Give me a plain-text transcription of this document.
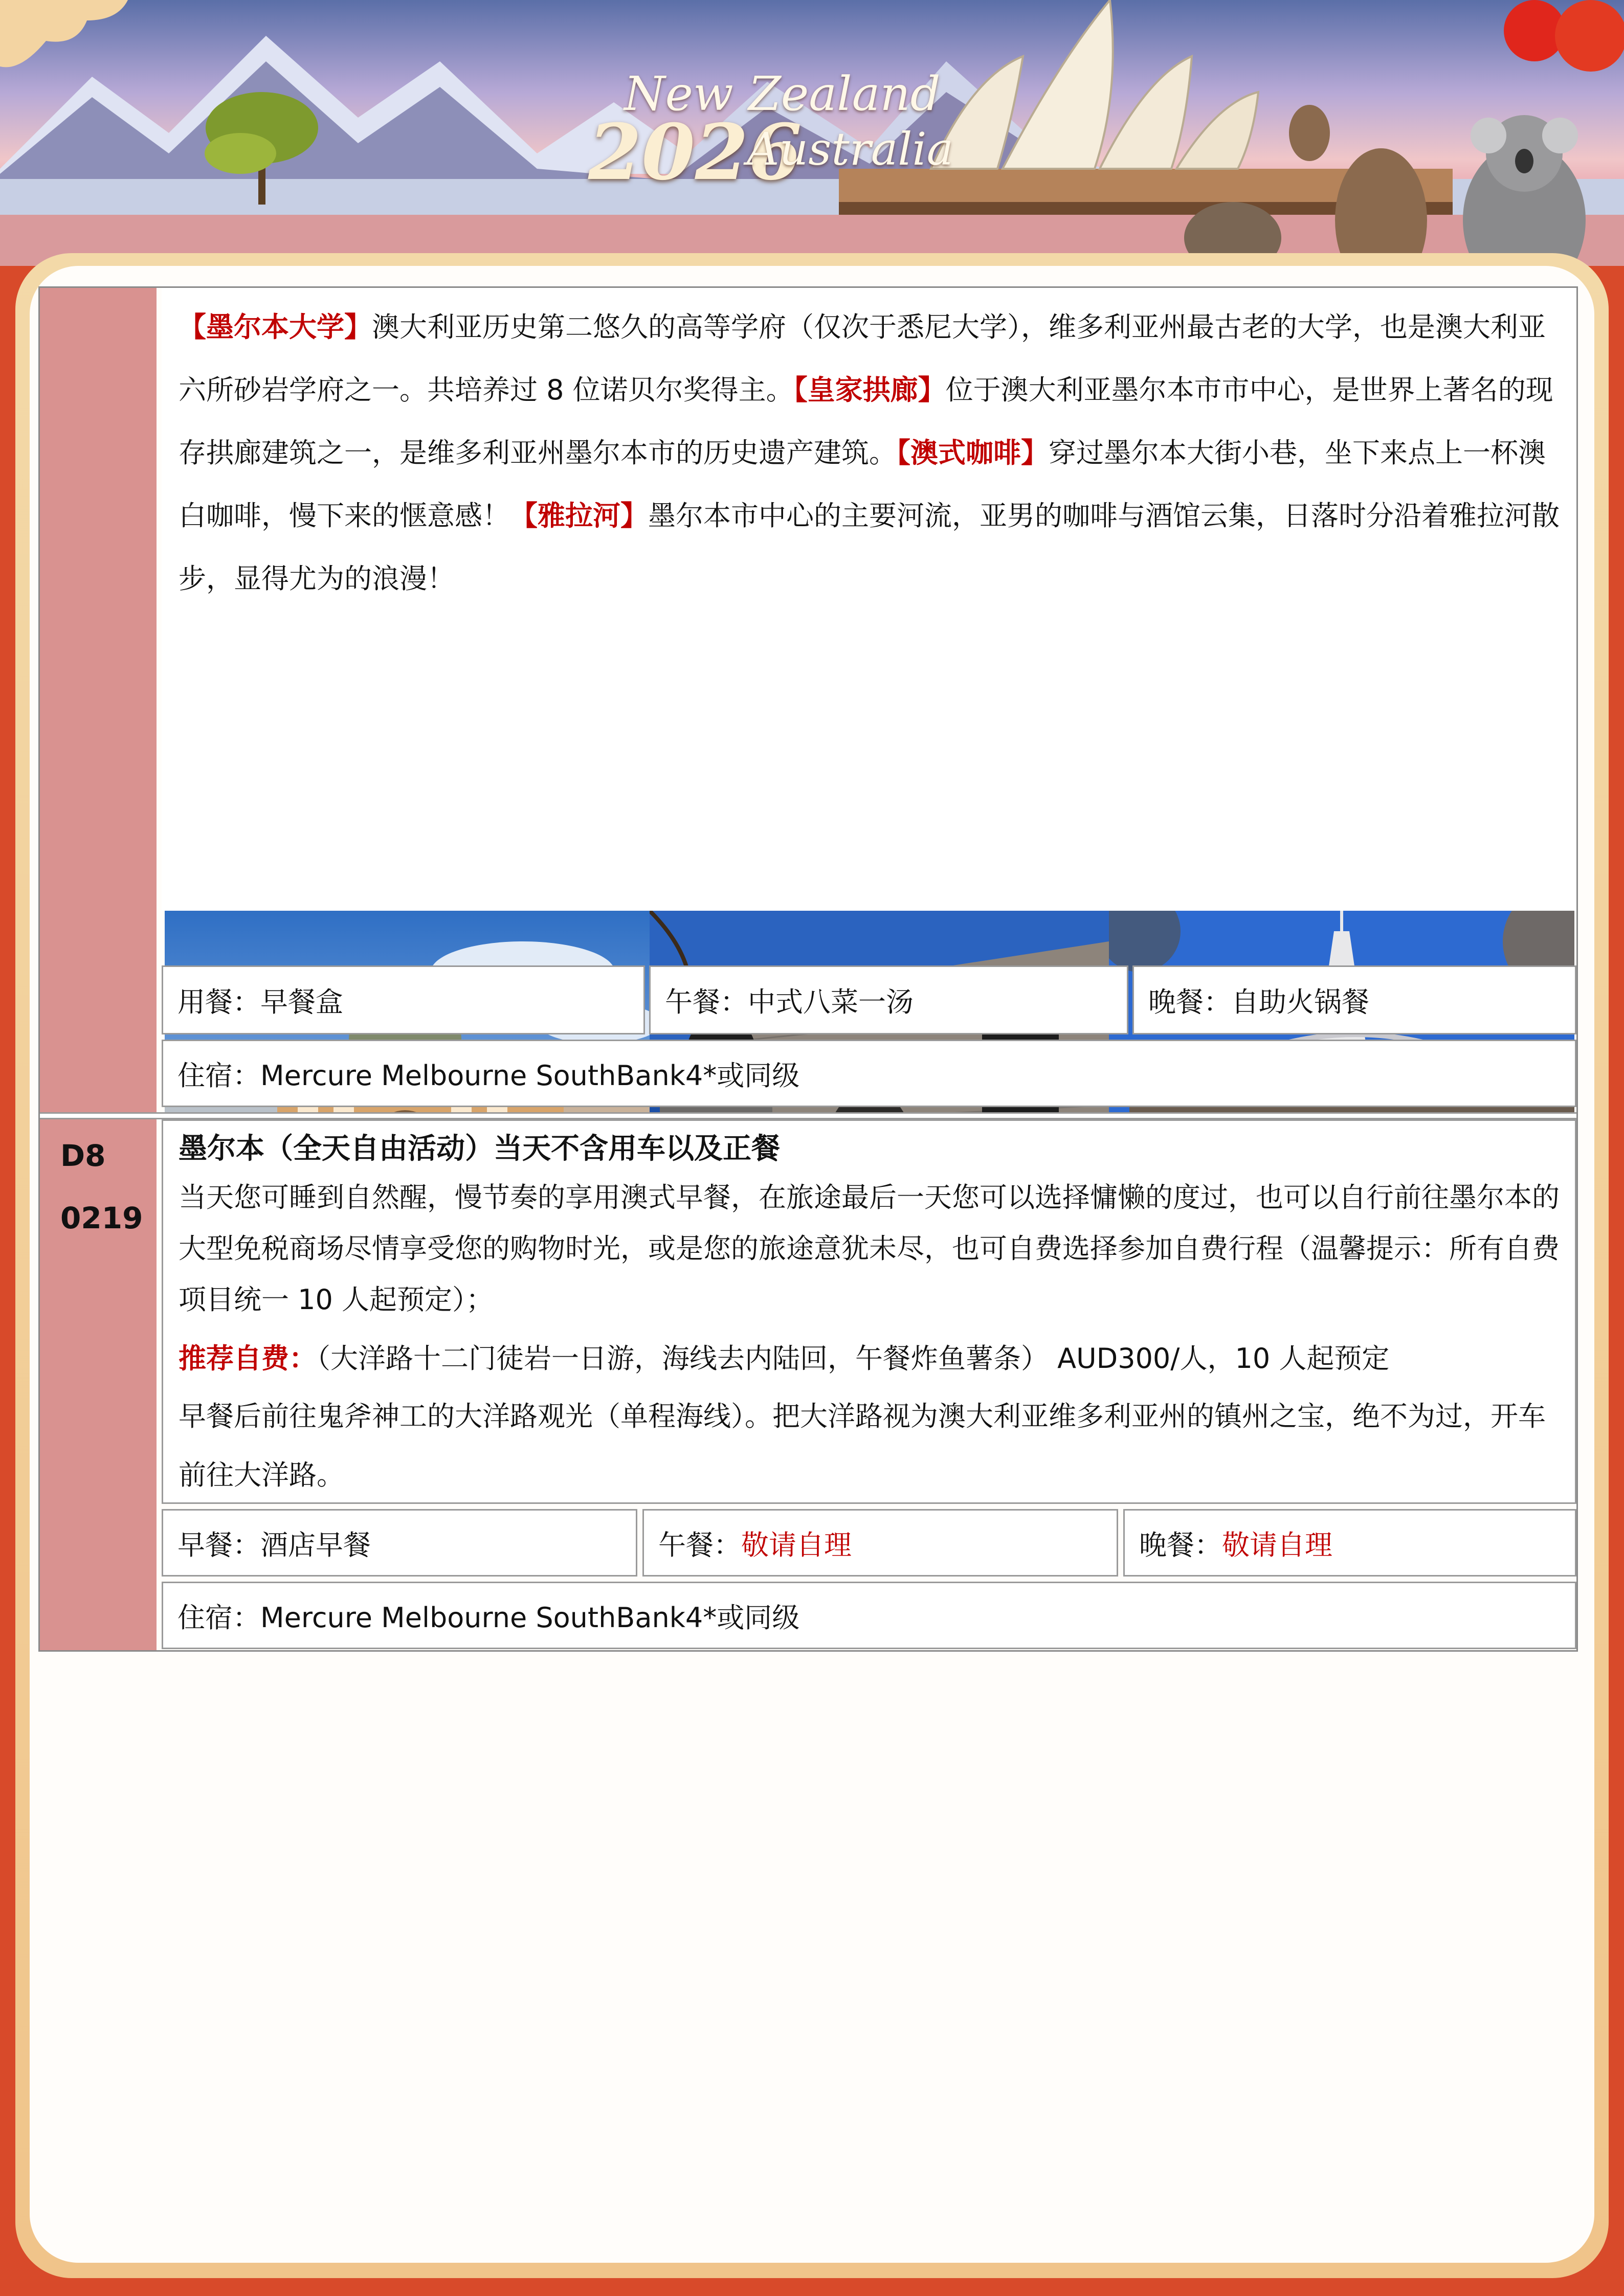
New Zealand
2026
Australia
【墨尔本大学】澳大利亚历史第二悠久的高等学府（仅次于悉尼大学），维多利亚州最古老的大学，也是澳大利亚六所砂岩学府之一。共培养过 8 位诺贝尔奖得主。【皇家拱廊】位于澳大利亚墨尔本市市中心，是世界上著名的现存拱廊建筑之一，是维多利亚州墨尔本市的历史遗产建筑。【澳式咖啡】穿过墨尔本大街小巷，坐下来点上一杯澳白咖啡，慢下来的惬意感！【雅拉河】墨尔本市中心的主要河流，亚男的咖啡与酒馆云集，日落时分沿着雅拉河散步，显得尤为的浪漫！
用餐：早餐盒	午餐：中式八菜一汤	晚餐：自助火锅餐
住宿：Mercure Melbourne SouthBank4*或同级
D8
0219
墨尔本（全天自由活动）当天不含用车以及正餐
当天您可睡到自然醒，慢节奏的享用澳式早餐，在旅途最后一天您可以选择慵懒的度过，也可以自行前往墨尔本的大型免税商场尽情享受您的购物时光，或是您的旅途意犹未尽，也可自费选择参加自费行程（温馨提示：所有自费项目统一 10 人起预定）；
推荐自费：（大洋路十二门徒岩一日游，海线去内陆回，午餐炸鱼薯条） AUD300/人，10 人起预定
早餐后前往鬼斧神工的大洋路观光（单程海线）。把大洋路视为澳大利亚维多利亚州的镇州之宝，绝不为过，开车前往大洋路。
早餐： 酒店早餐	午餐： 敬请自理	晚餐： 敬请自理
住宿：Mercure Melbourne SouthBank4*或同级
